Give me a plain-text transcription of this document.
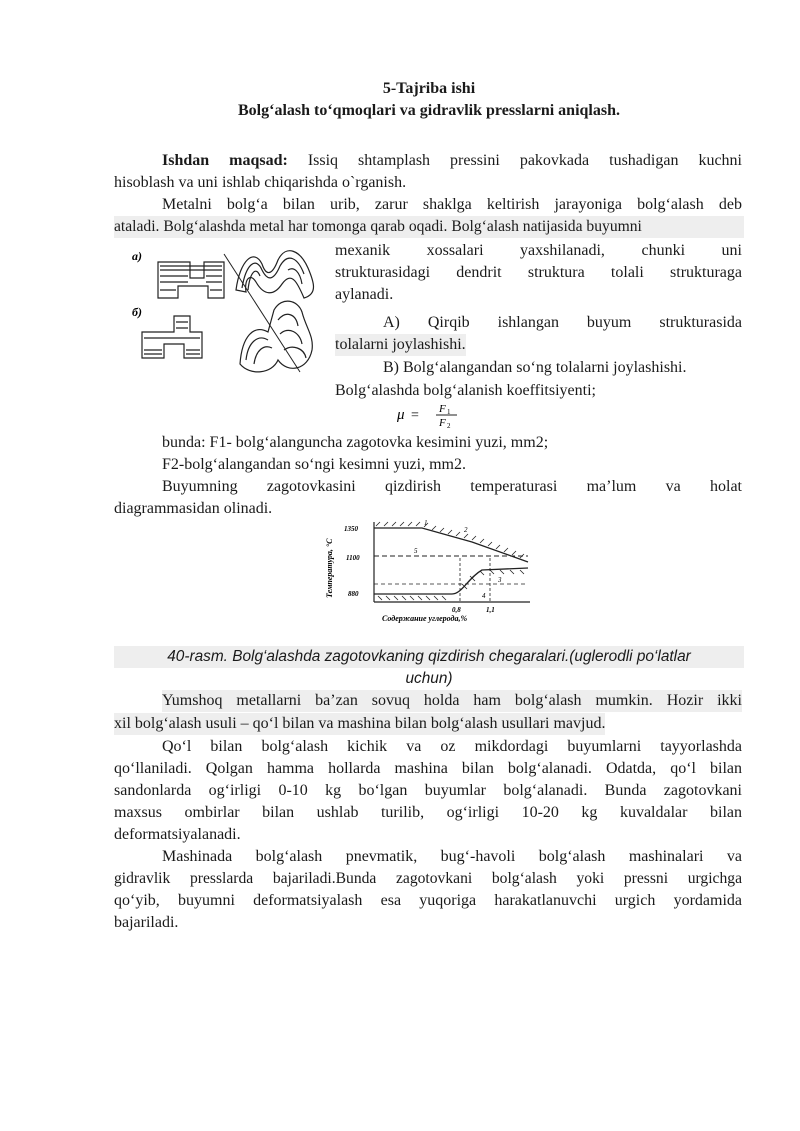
5-Tajriba ishi
Bolg‘alash to‘qmoqlari va gidravlik presslarni aniqlash.
Ishdan maqsad: Issiq shtamplash pressini pakovkada tushadigan kuchni
hisoblash va uni ishlab chiqarishda o`rganish.
Metalni bolg‘a bilan urib, zarur shaklga keltirish jarayoniga bolg‘alash deb
ataladi. Bolg‘alashda metal har tomonga qarab oqadi. Bolg‘alash natijasida buyumni
mexanik xossalari yaxshilanadi, chunki uni
strukturasidagi dendrit struktura tolali strukturaga
aylanadi.
а)
б)
A) Qirqib ishlangan buyum strukturasida
tolalarni joylashishi.
B) Bolg‘alangandan so‘ng tolalarni joylashishi.
Bolg‘alashda bolg‘alanish koeffitsiyenti;
μ = F 1
F 2
bunda: F1- bolg‘alanguncha zagotovka kesimini yuzi, mm2;
F2-bolg‘alangandan so‘ngi kesimni yuzi, mm2.
Buyumning zagotovkasini qizdirish temperaturasi ma’lum va holat
diagrammasidan olinadi.
Температура, °С
1350
1100
880
1
2
3
4
5
0,8	1,1
Содержание углерода,%
40-rasm. Bolg‘alashda zagotovkaning qizdirish chegaralari.(uglerodli po‘latlar
uchun)
Yumshoq metallarni ba’zan sovuq holda ham bolg‘alash mumkin. Hozir ikki
xil bolg‘alash usuli – qo‘l bilan va mashina bilan bolg‘alash usullari mavjud.
Qo‘l bilan bolg‘alash kichik va oz mikdordagi buyumlarni tayyorlashda
qo‘llaniladi. Qolgan hamma hollarda mashina bilan bolg‘alanadi. Odatda, qo‘l bilan
sandonlarda og‘irligi 0-10 kg bo‘lgan buyumlar bolg‘alanadi. Bunda zagotovkani
maxsus ombirlar bilan ushlab turilib, og‘irligi 10-20 kg kuvaldalar bilan
deformatsiyalanadi.
Mashinada bolg‘alash pnevmatik, bug‘-havoli bolg‘alash mashinalari va
gidravlik presslarda bajariladi.Bunda zagotovkani bolg‘alash yoki pressni urgichga
qo‘yib, buyumni deformatsiyalash esa yuqoriga harakatlanuvchi urgich yordamida
bajariladi.
